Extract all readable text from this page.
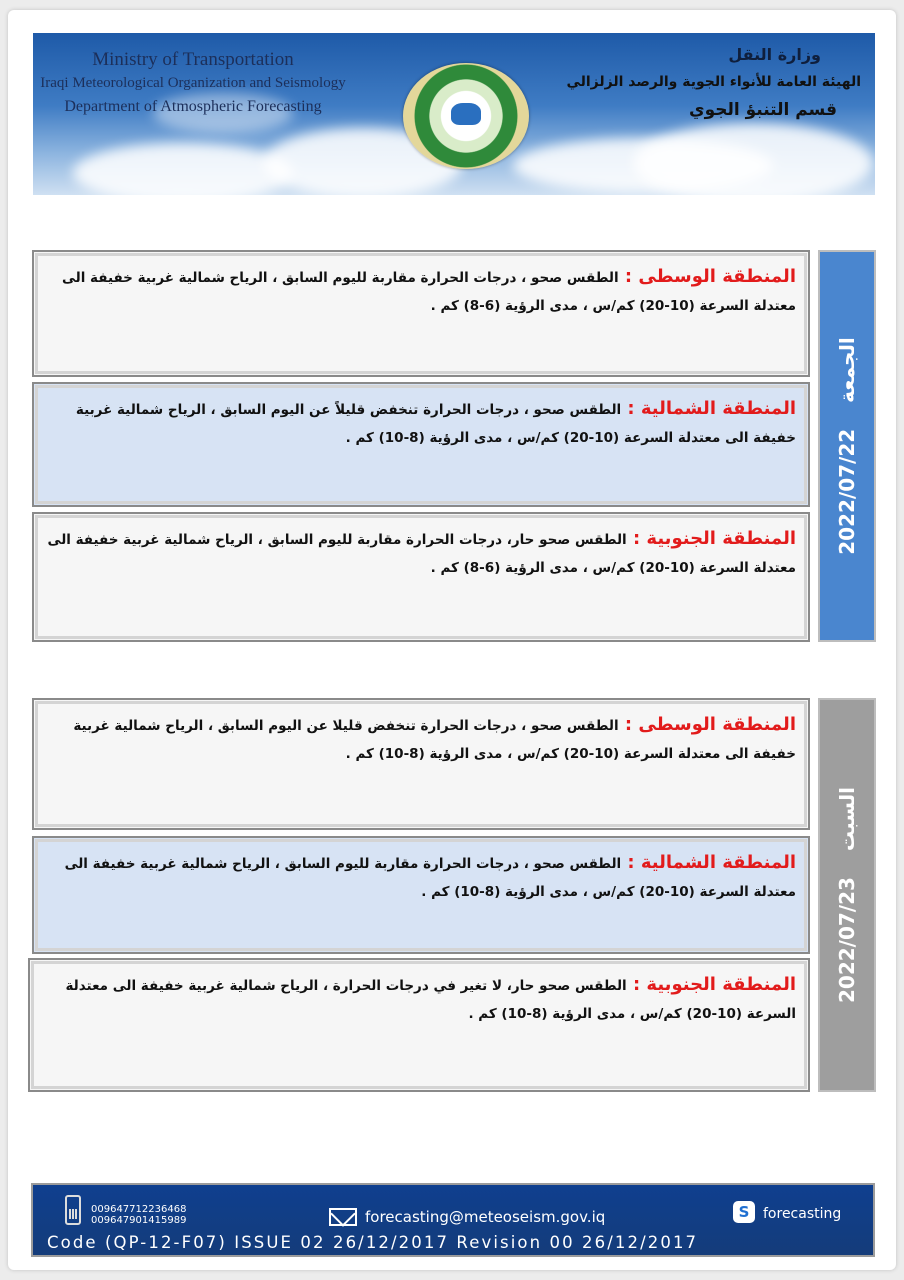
Ministry of Transportation
Iraqi Meteorological Organization and Seismology
Department of Atmospheric Forecasting
وزارة النقل
الهيئة العامة للأنواء الجوية والرصد الزلزالي
قسم التنبؤ الجوي
2022/07/22
الجمعة

المنطقة الوسطى : الطقس صحو ، درجات الحرارة مقاربة لليوم السابق ، الرياح شمالية غربية خفيفة الى معتدلة السرعة (10-20) كم/س ، مدى الرؤية (6-8) كم .

المنطقة الشمالية : الطقس صحو ، درجات الحرارة تنخفض قليلاً عن اليوم السابق ، الرياح شمالية غربية خفيفة الى معتدلة السرعة (10-20) كم/س ، مدى الرؤية (8-10) كم .

المنطقة الجنوبية : الطقس صحو حار، درجات الحرارة مقاربة لليوم السابق ، الرياح شمالية غربية خفيفة الى معتدلة السرعة (10-20) كم/س ، مدى الرؤية (6-8) كم .

2022/07/23
السبت

المنطقة الوسطى : الطقس صحو ، درجات الحرارة تنخفض قليلا عن اليوم السابق ، الرياح شمالية غربية خفيفة الى معتدلة السرعة (10-20) كم/س ، مدى الرؤية (8-10) كم .

المنطقة الشمالية : الطقس صحو ، درجات الحرارة مقاربة لليوم السابق ، الرياح شمالية غربية خفيفة الى معتدلة السرعة (10-20) كم/س ، مدى الرؤية (8-10) كم .

المنطقة الجنوبية : الطقس صحو حار، لا تغير في درجات الحرارة ، الرياح شمالية غربية خفيفة الى معتدلة السرعة (10-20) كم/س ، مدى الرؤية (8-10) كم .

009647712236468
009647901415989	forecasting@meteoseism.gov.iq	S forecasting
Code (QP-12-F07) ISSUE 02 26/12/2017 Revision 00 26/12/2017
